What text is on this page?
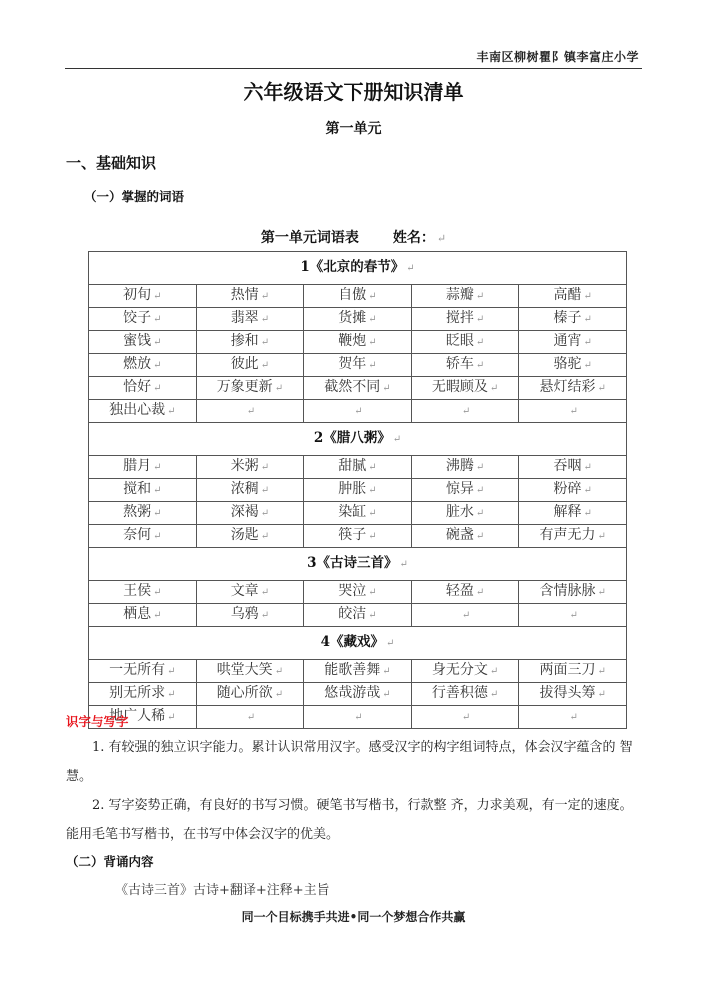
丰南区柳树瞿阝镇李富庄小学
六年级语文下册知识清单
第一单元
一、基础知识
（一）掌握的词语
第一单元词语表 姓名： ↵
1《北京的春节》 ↵				
初旬 ↵	热情 ↵	自傲 ↵	蒜瓣 ↵	高醋 ↵
饺子 ↵	翡翠 ↵	货摊 ↵	搅拌 ↵	榛子 ↵
蜜饯 ↵	掺和 ↵	鞭炮 ↵	眨眼 ↵	通宵 ↵
燃放 ↵	彼此 ↵	贺年 ↵	轿车 ↵	骆驼 ↵
恰好 ↵	万象更新 ↵	截然不同 ↵	无暇顾及 ↵	悬灯结彩 ↵
独出心裁 ↵	↵	↵	↵	↵
2《腊八粥》 ↵				
腊月 ↵	米粥 ↵	甜腻 ↵	沸腾 ↵	吞咽 ↵
搅和 ↵	浓稠 ↵	肿胀 ↵	惊异 ↵	粉碎 ↵
熬粥 ↵	深褐 ↵	染缸 ↵	脏水 ↵	解释 ↵
奈何 ↵	汤匙 ↵	筷子 ↵	碗盏 ↵	有声无力 ↵
3《古诗三首》 ↵				
王侯 ↵	文章 ↵	哭泣 ↵	轻盈 ↵	含情脉脉 ↵
栖息 ↵	乌鸦 ↵	皎洁 ↵	↵	↵
4《藏戏》 ↵				
一无所有 ↵	哄堂大笑 ↵	能歌善舞 ↵	身无分文 ↵	两面三刀 ↵
别无所求 ↵	随心所欲 ↵	悠哉游哉 ↵	行善积德 ↵	拔得头筹 ↵
地广人稀 ↵	↵	↵	↵	↵
识字与写字
1. 有较强的独立识字能力。累计认识常用汉字。感受汉字的构字组词特点，体会汉字蕴含的 智慧。
2. 写字姿势正确，有良好的书写习惯。硬笔书写楷书，行款整 齐，力求美观，有一定的速度。能用毛笔书写楷书，在书写中体会汉字的优美。
（二）背诵内容
《古诗三首》古诗+翻译+注释+主旨
同一个目标携手共进•同一个梦想合作共赢
